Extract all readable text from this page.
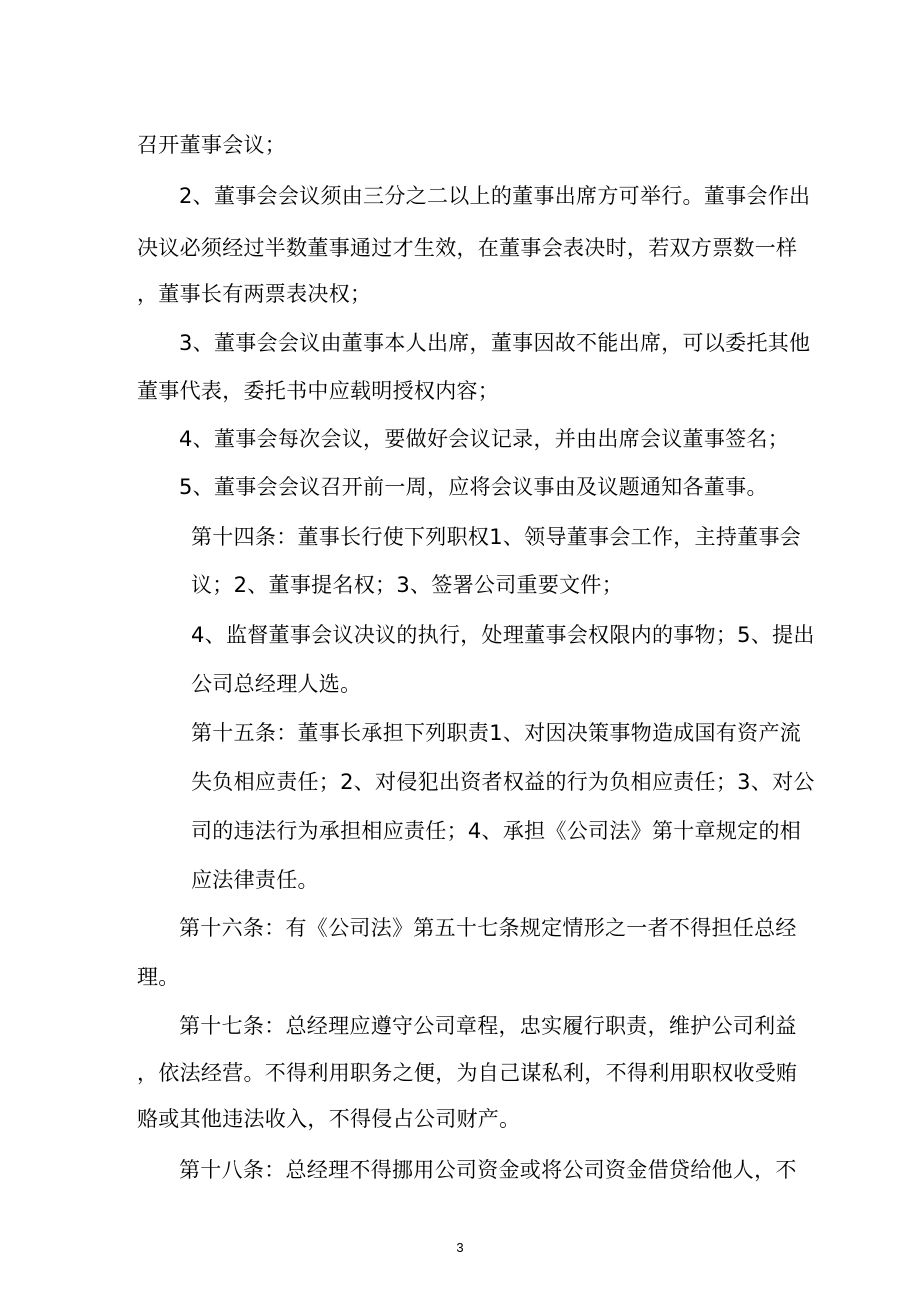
召开董事会议；
2、董事会会议须由三分之二以上的董事出席方可举行。董事会作出
决议必须经过半数董事通过才生效，在董事会表决时，若双方票数一样
，董事长有两票表决权；
3、董事会会议由董事本人出席，董事因故不能出席，可以委托其他
董事代表，委托书中应载明授权内容；
4、董事会每次会议，要做好会议记录，并由出席会议董事签名；
5、董事会会议召开前一周，应将会议事由及议题通知各董事。
第十四条：董事长行使下列职权1、领导董事会工作，主持董事会
议；2、董事提名权；3、签署公司重要文件；
4、监督董事会议决议的执行，处理董事会权限内的事物；5、提出
公司总经理人选。
第十五条：董事长承担下列职责1、对因决策事物造成国有资产流
失负相应责任；2、对侵犯出资者权益的行为负相应责任；3、对公
司的违法行为承担相应责任；4、承担《公司法》第十章规定的相
应法律责任。
第十六条：有《公司法》第五十七条规定情形之一者不得担任总经
理。
第十七条：总经理应遵守公司章程，忠实履行职责，维护公司利益
，依法经营。不得利用职务之便，为自己谋私利，不得利用职权收受贿
赂或其他违法收入，不得侵占公司财产。
第十八条：总经理不得挪用公司资金或将公司资金借贷给他人，不
3
